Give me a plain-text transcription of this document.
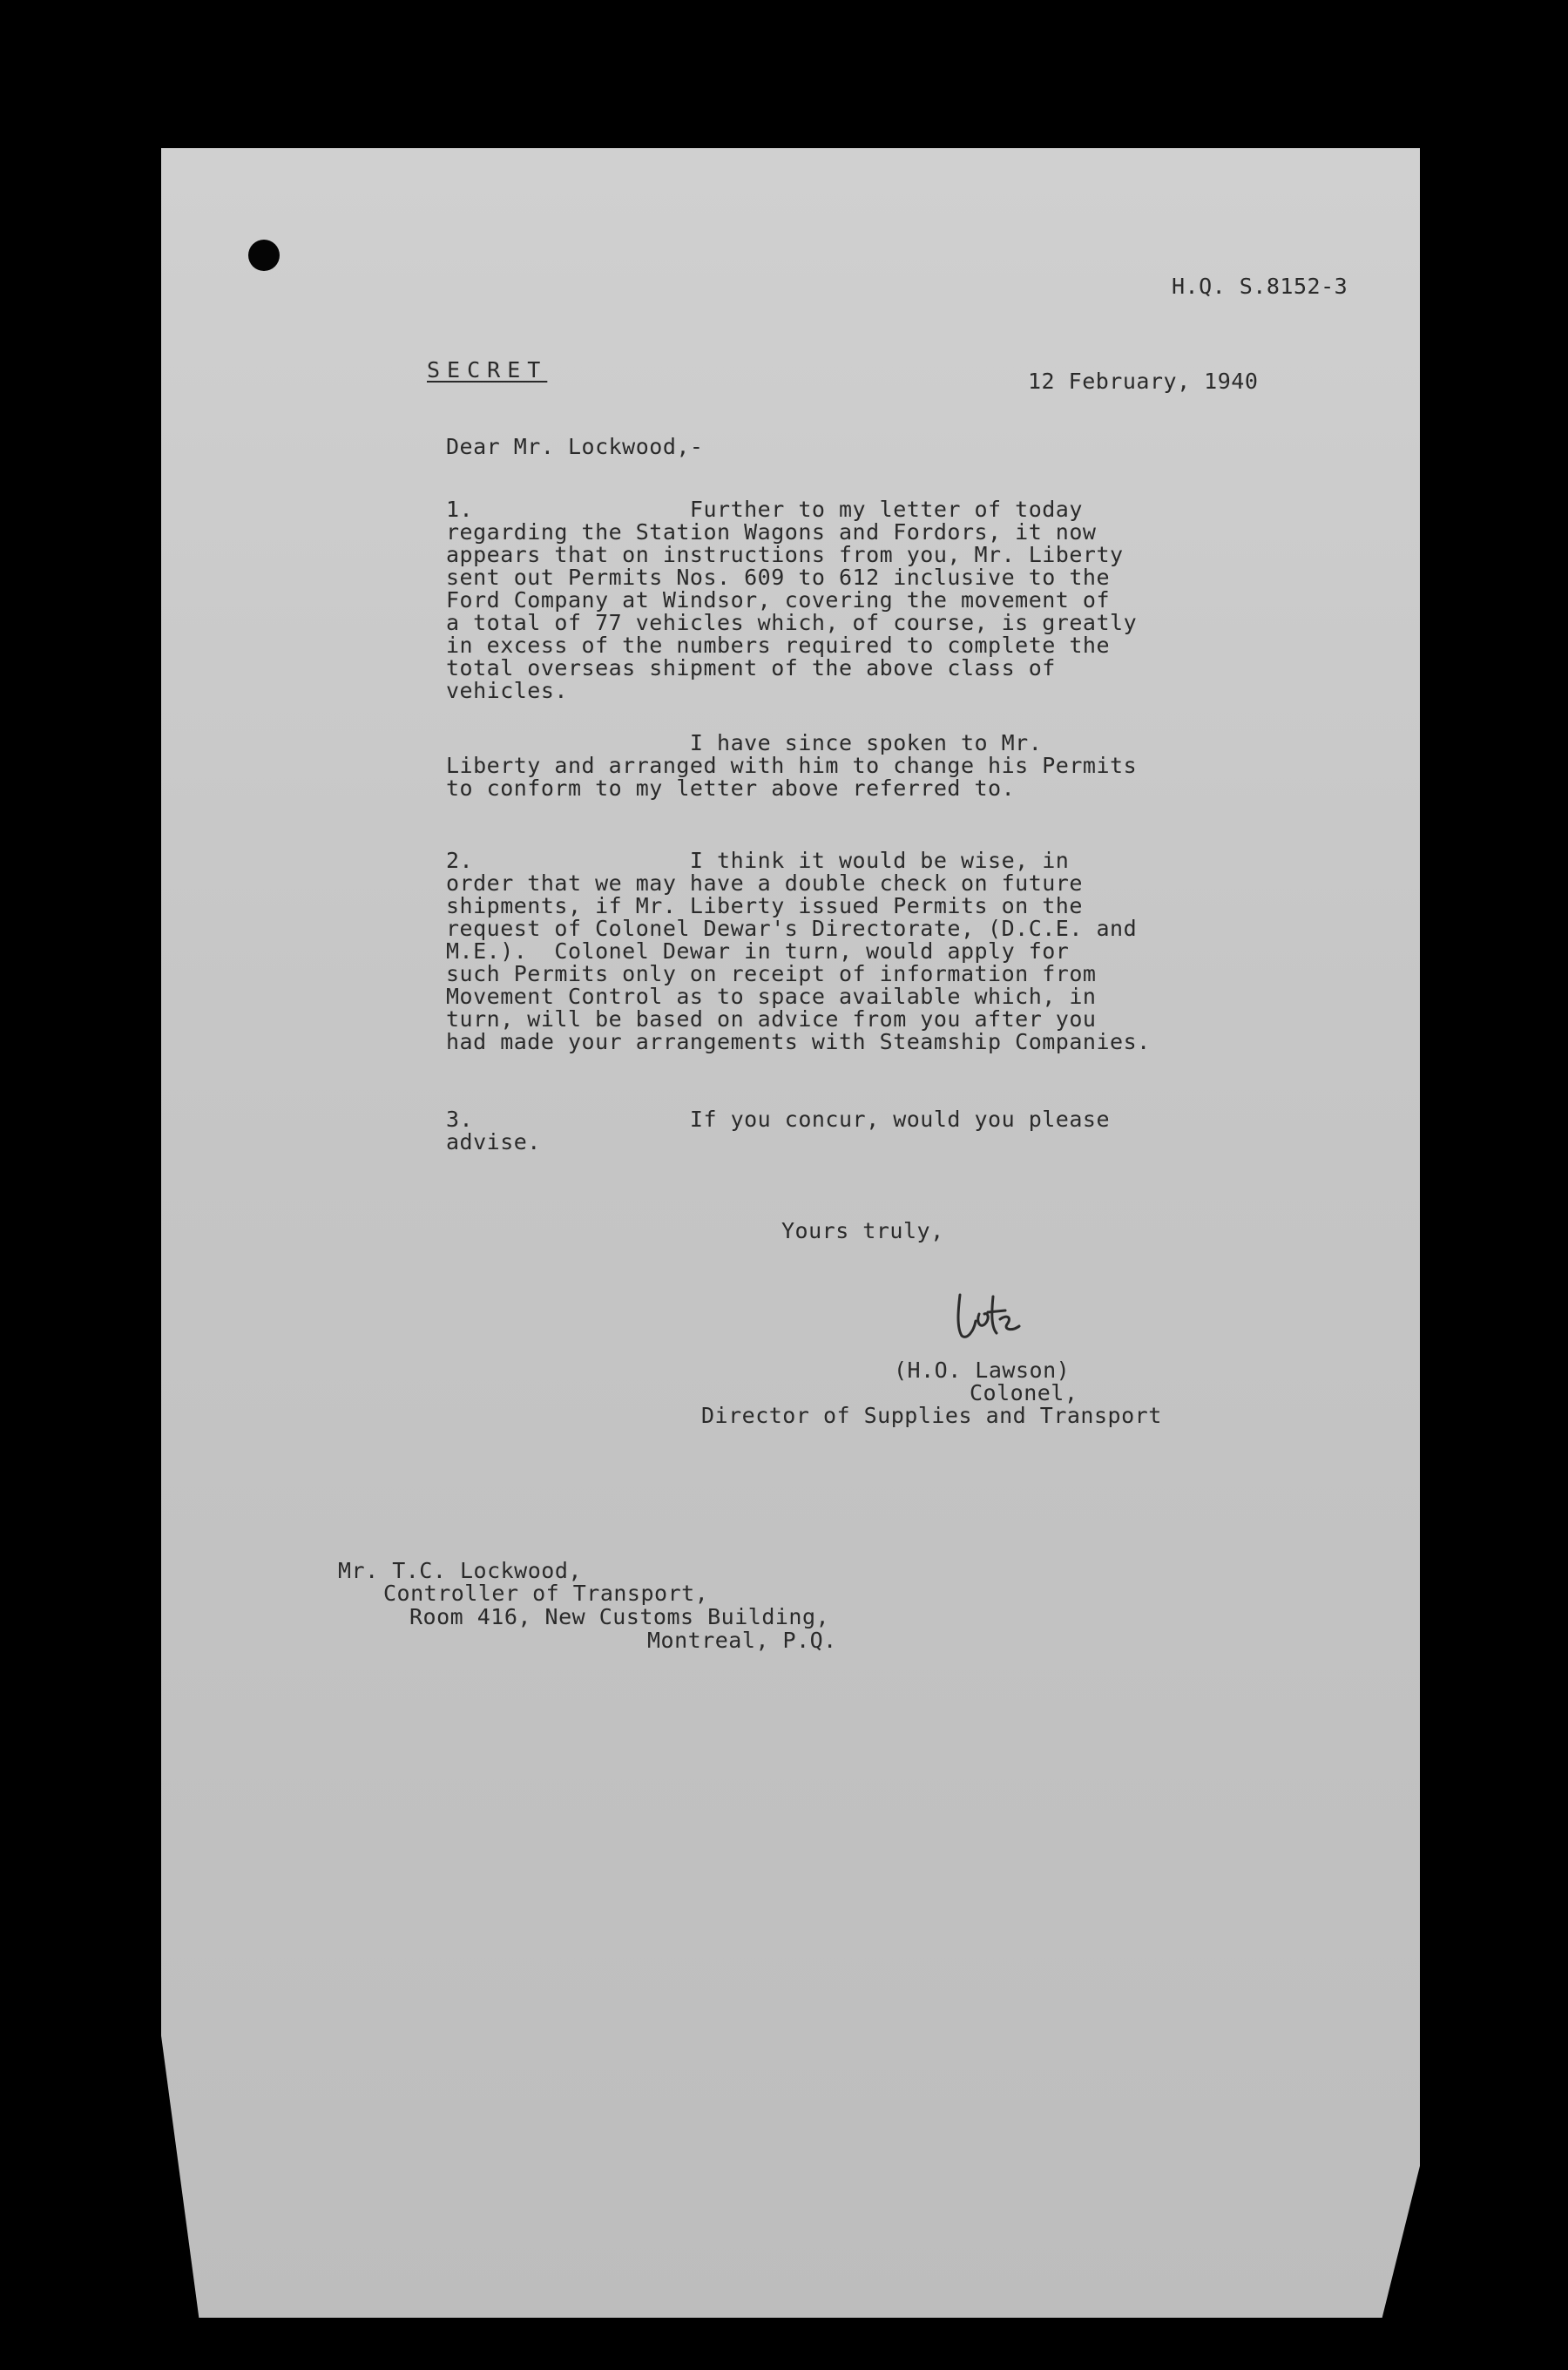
H.Q. S.8152-3
SECRET	12 February, 1940
Dear Mr. Lockwood,-
1.                Further to my letter of today
regarding the Station Wagons and Fordors, it now
appears that on instructions from you, Mr. Liberty
sent out Permits Nos. 609 to 612 inclusive to the
Ford Company at Windsor, covering the movement of
a total of 77 vehicles which, of course, is greatly
in excess of the numbers required to complete the
total overseas shipment of the above class of
vehicles.
I have since spoken to Mr.
Liberty and arranged with him to change his Permits
to conform to my letter above referred to.
2.                I think it would be wise, in
order that we may have a double check on future
shipments, if Mr. Liberty issued Permits on the
request of Colonel Dewar's Directorate, (D.C.E. and
M.E.).  Colonel Dewar in turn, would apply for
such Permits only on receipt of information from
Movement Control as to space available which, in
turn, will be based on advice from you after you
had made your arrangements with Steamship Companies.
3.                If you concur, would you please
advise.
Yours truly,
(H.O. Lawson)
Colonel,
Director of Supplies and Transport
Mr. T.C. Lockwood,
Controller of Transport,
Room 416, New Customs Building,
Montreal, P.Q.
